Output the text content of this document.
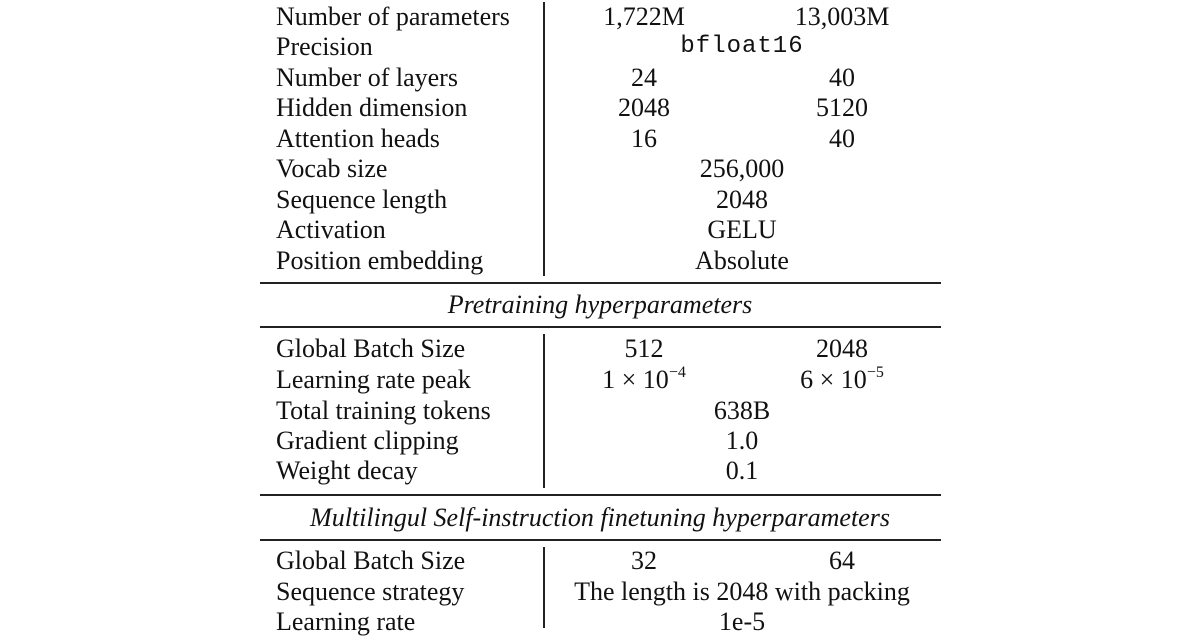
Number of parameters	1,722M	13,003M
Precision	bfloat16
Number of layers	24	40
Hidden dimension	2048	5120
Attention heads	16	40
Vocab size	256,000
Sequence length	2048
Activation	GELU
Position embedding	Absolute
Pretraining hyperparameters
Global Batch Size	512	2048
Learning rate peak	$1 \times 10^{-4}$	$6 \times 10^{-5}$
Total training tokens	638B
Gradient clipping	1.0
Weight decay	0.1
Multilingul Self-instruction finetuning hyperparameters
Global Batch Size	32	64
Sequence strategy	The length is 2048 with packing
Learning rate	1e-5
